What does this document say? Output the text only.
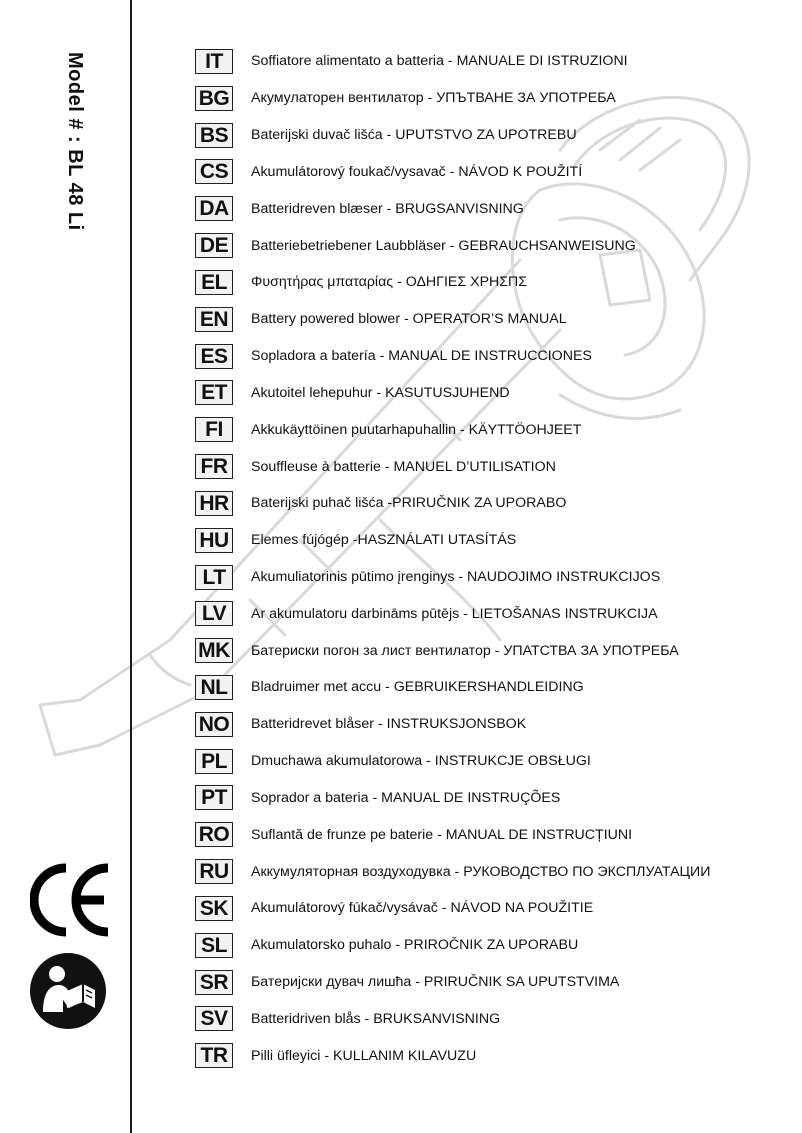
Model # : BL 48 Li	IT	Soffiatore alimentato a batteria - MANUALE DI ISTRUZIONI
BG Акумулаторен вентилатор - УПЪТВАНЕ ЗА УПОТРЕБА
BS	Baterijski duvač lišća - UPUTSTVO ZA UPOTREBU
CS	Akumulátorový foukač/vysavač - NÁVOD K POUŽITÍ
DA	Batteridreven blæser - BRUGSANVISNING
DE	Batteriebetriebener Laubbläser - GEBRAUCHSANWEISUNG
EL	Φυσητήρας μπαταρίας - ΟΔΗΓΙΕΣ ΧΡΗΣΠΣ
EN	Battery powered blower - OPERATOR’S MANUAL
ES	Sopladora a batería - MANUAL DE INSTRUCCIONES
ET	Akutoitel lehepuhur - KASUTUSJUHEND
FI	Akkukäyttöinen puutarhapuhallin - KÄYTTÖOHJEET
FR	Souffleuse à batterie - MANUEL D’UTILISATION
HR	Baterijski puhač lišća -PRIRUČNIK ZA UPORABO
HU	Elemes fújógép -HASZNÁLATI UTASÍTÁS
LT	Akumuliatorinis pūtimo įrenginys - NAUDOJIMO INSTRUKCIJOS
LV	Ar akumulatoru darbināms pūtējs - LIETOŠANAS INSTRUKCIJA
MK Батериски погон за лист вентилатор - УПАТСТВА ЗА УПОТРЕБА
NL	Bladruimer met accu - GEBRUIKERSHANDLEIDING
NO Batteridrevet blåser - INSTRUKSJONSBOK
PL	Dmuchawa akumulatorowa - INSTRUKCJE OBSŁUGI
PT	Soprador a bateria - MANUAL DE INSTRUÇÕES
RO Suflantă de frunze pe baterie - MANUAL DE INSTRUCȚIUNI
RU	Аккумуляторная воздуходувка - РУКОВОДСТВО ПО ЭКСПЛУАТАЦИИ
SK	Akumulátorový fúkač/vysávač - NÁVOD NA POUŽITIE
SL	Akumulatorsko puhalo - PRIROČNIK ZA UPORABU
SR	Батеријски дувач лишћа - PRIRUČNIK SA UPUTSTVIMA
SV	Batteridriven blås - BRUKSANVISNING
TR	Pilli üfleyici - KULLANIM KILAVUZU
